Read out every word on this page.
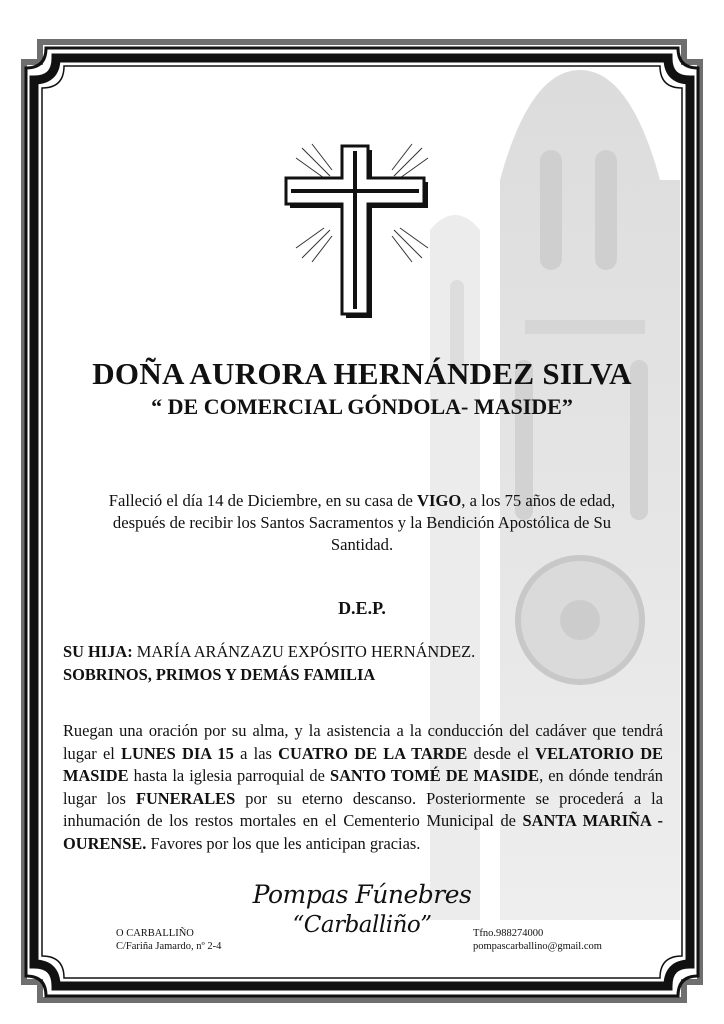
DOÑA AURORA HERNÁNDEZ SILVA
“ DE COMERCIAL GÓNDOLA- MASIDE”
Falleció el día 14 de Diciembre, en su casa de VIGO, a los 75 años de edad,
después de recibir los Santos Sacramentos y la Bendición Apostólica de Su
Santidad.
D.E.P.
SU HIJA: MARÍA ARÁNZAZU EXPÓSITO HERNÁNDEZ.
SOBRINOS, PRIMOS Y DEMÁS FAMILIA
Ruegan una oración por su alma, y la asistencia a la conducción del cadáver que tendrá lugar el LUNES DIA 15 a las CUATRO DE LA TARDE desde el VELATORIO DE MASIDE hasta la iglesia parroquial de SANTO TOMÉ DE MASIDE, en dónde tendrán lugar los FUNERALES por su eterno descanso. Posteriormente se procederá a la inhumación de los restos mortales en el Cementerio Municipal de SANTA MARIÑA - OURENSE. Favores por los que les anticipan gracias.
Pompas Fúnebres
“Carballiño”
O CARBALLIÑO
C/Fariña Jamardo, nº 2-4
Tfno.988274000
pompascarballino@gmail.com
